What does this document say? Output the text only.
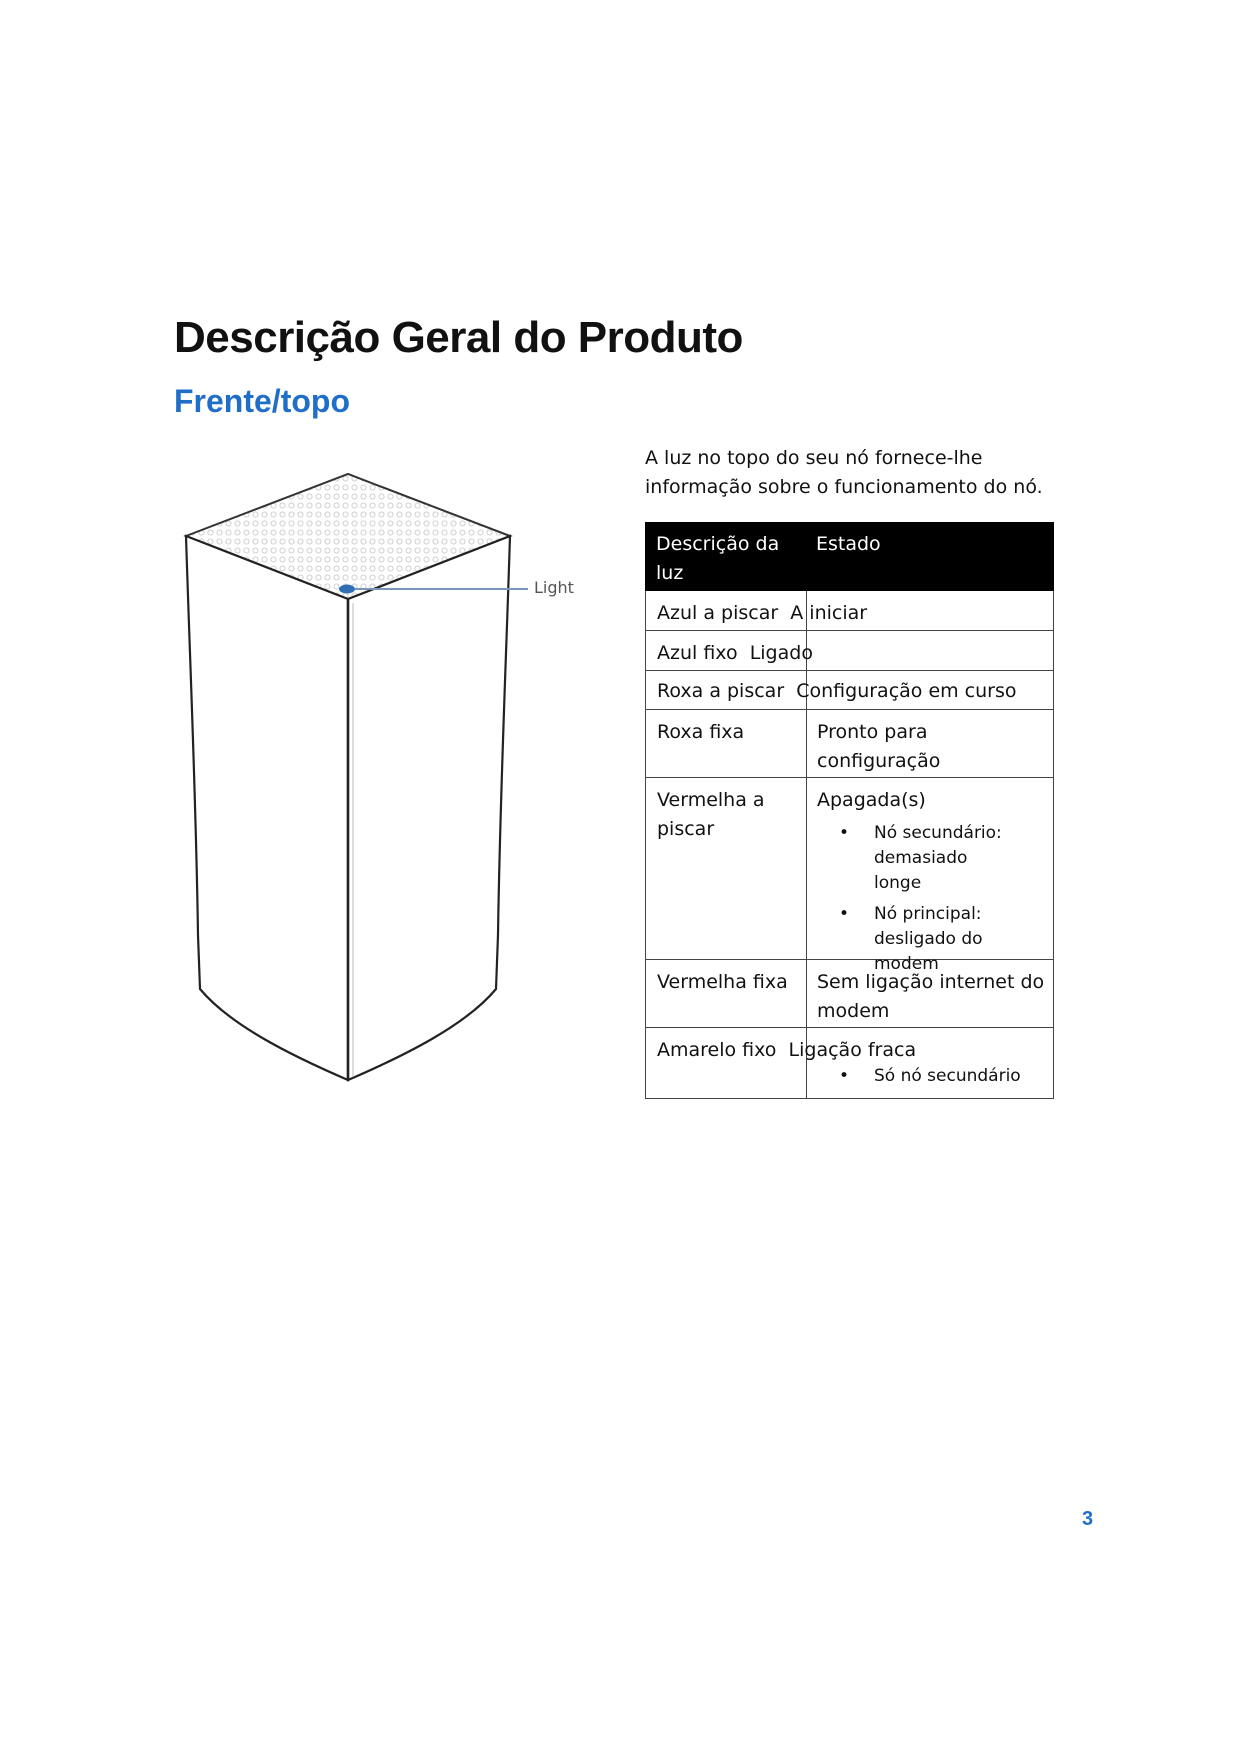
Descrição Geral do Produto
Frente/topo

A luz no topo do seu nó fornece-lhe informação sobre o funcionamento do nó.

Light
Descrição da luz
Estado
Azul a piscar A iniciar
Azul fixo Ligado
Roxa a piscar Configuração em curso
Roxa fixa	Pronto para configuração
Vermelha a piscar
Apagada(s)
• Nó secundário: demasiado longe
• Nó principal: desligado do modem
Vermelha fixa	Sem ligação internet do modem
Amarelo fixo Ligação fraca
• Só nó secundário
3
